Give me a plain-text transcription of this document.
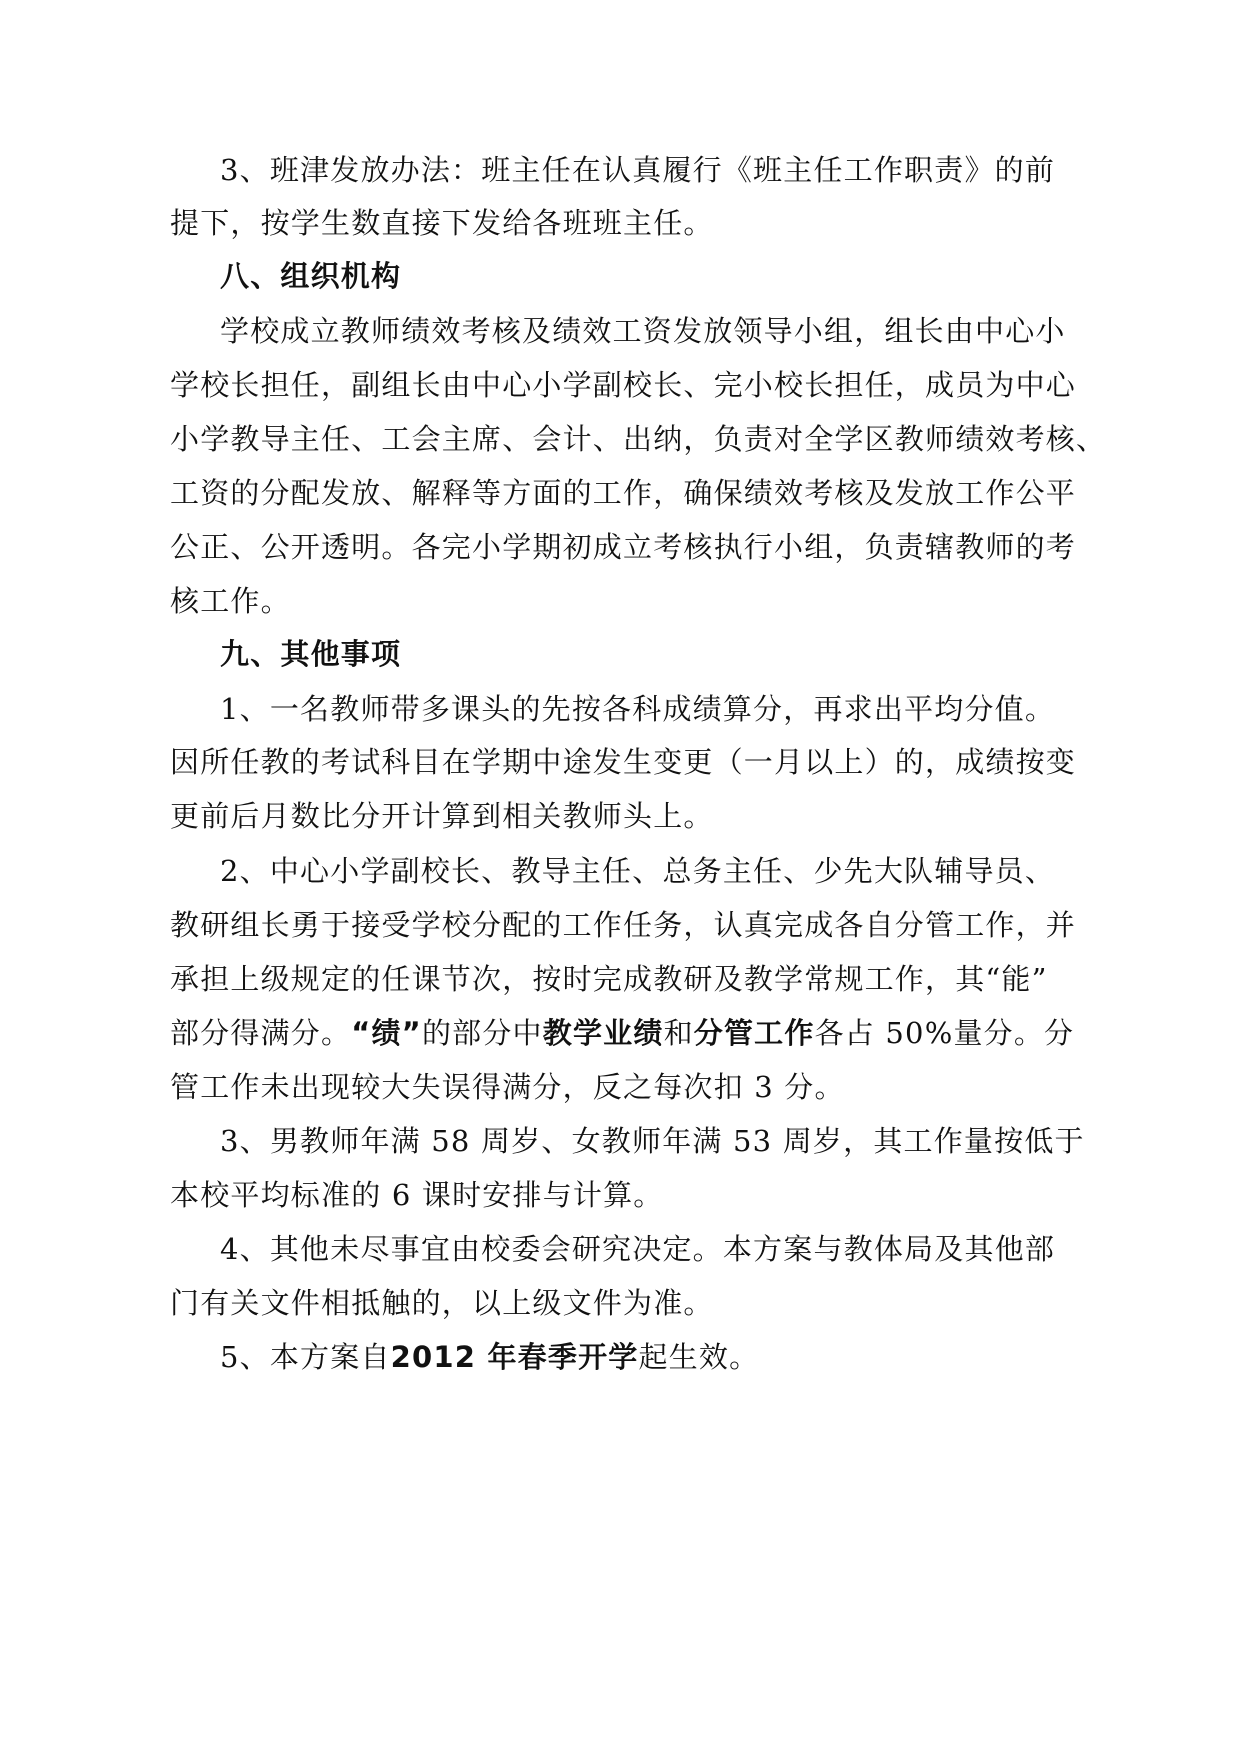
3、班津发放办法：班主任在认真履行《班主任工作职责》的前
提下，按学生数直接下发给各班班主任。
八、组织机构
学校成立教师绩效考核及绩效工资发放领导小组，组长由中心小
学校长担任，副组长由中心小学副校长、完小校长担任，成员为中心
小学教导主任、工会主席、会计、出纳，负责对全学区教师绩效考核、
工资的分配发放、解释等方面的工作，确保绩效考核及发放工作公平
公正、公开透明。各完小学期初成立考核执行小组，负责辖教师的考
核工作。
九、其他事项
1、一名教师带多课头的先按各科成绩算分，再求出平均分值。
因所任教的考试科目在学期中途发生变更（一月以上）的，成绩按变
更前后月数比分开计算到相关教师头上。
2、中心小学副校长、教导主任、总务主任、少先大队辅导员、
教研组长勇于接受学校分配的工作任务，认真完成各自分管工作，并
承担上级规定的任课节次，按时完成教研及教学常规工作，其“能”
部分得满分。“绩”的部分中教学业绩和分管工作各占 50%量分。分
管工作未出现较大失误得满分，反之每次扣 3 分。
3、男教师年满 58 周岁、女教师年满 53 周岁，其工作量按低于
本校平均标准的 6 课时安排与计算。
4、其他未尽事宜由校委会研究决定。本方案与教体局及其他部
门有关文件相抵触的，以上级文件为准。
5、本方案自2012 年春季开学起生效。
